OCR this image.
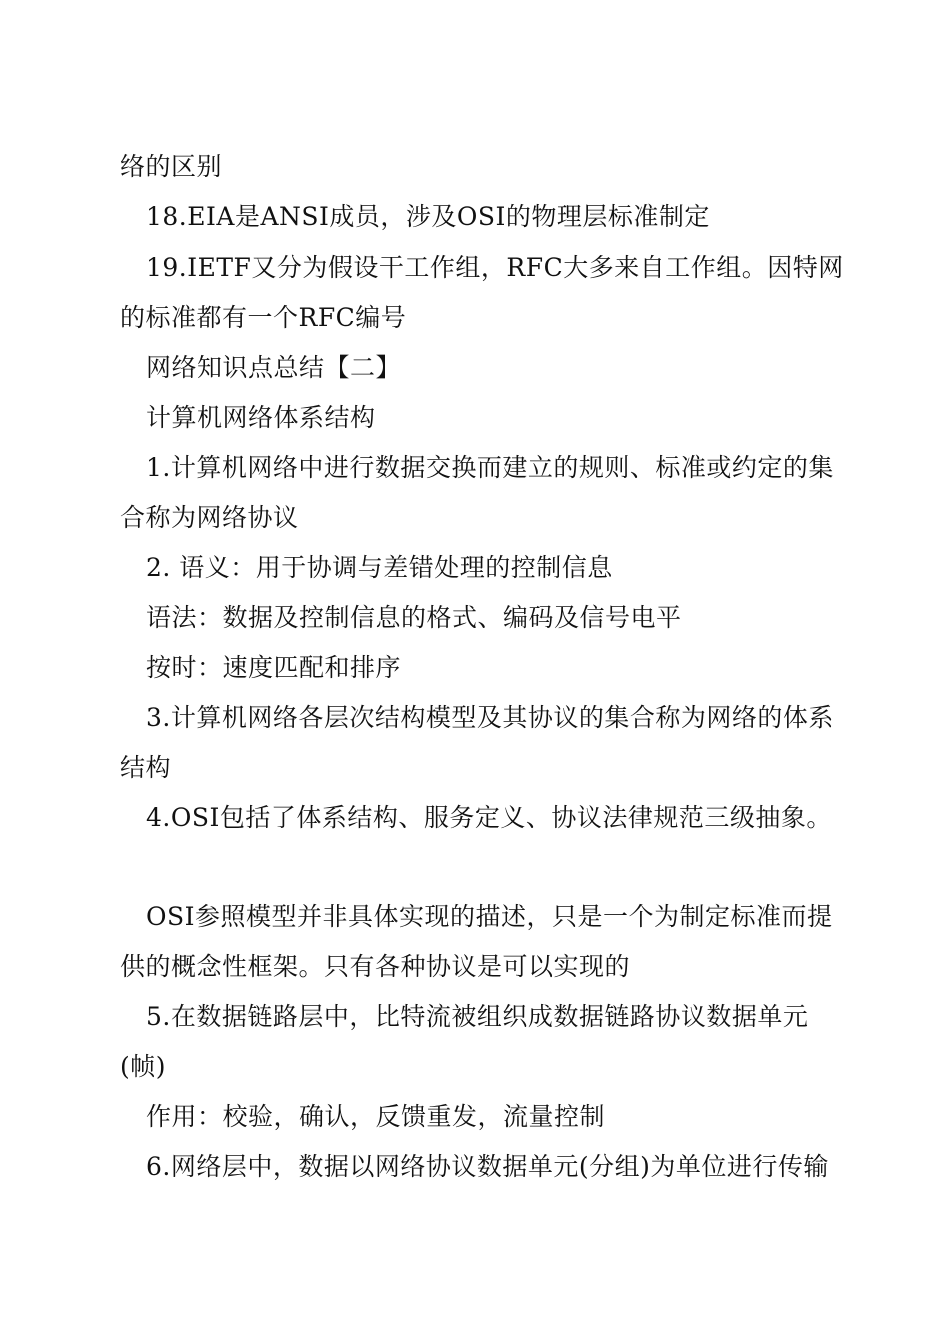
络的区别
18.EIA是ANSI成员，涉及OSI的物理层标准制定
19.IETF又分为假设干工作组，RFC大多来自工作组。因特网
的标准都有一个RFC编号
网络知识点总结【二】
计算机网络体系结构
1.计算机网络中进行数据交换而建立的规则、标准或约定的集
合称为网络协议
2. 语义：用于协调与差错处理的控制信息
语法：数据及控制信息的格式、编码及信号电平
按时：速度匹配和排序
3.计算机网络各层次结构模型及其协议的集合称为网络的体系
结构
4.OSI包括了体系结构、服务定义、协议法律规范三级抽象。
OSI参照模型并非具体实现的描述，只是一个为制定标准而提
供的概念性框架。只有各种协议是可以实现的
5.在数据链路层中，比特流被组织成数据链路协议数据单元
(帧)
作用：校验，确认，反馈重发，流量控制
6.网络层中，数据以网络协议数据单元(分组)为单位进行传输
